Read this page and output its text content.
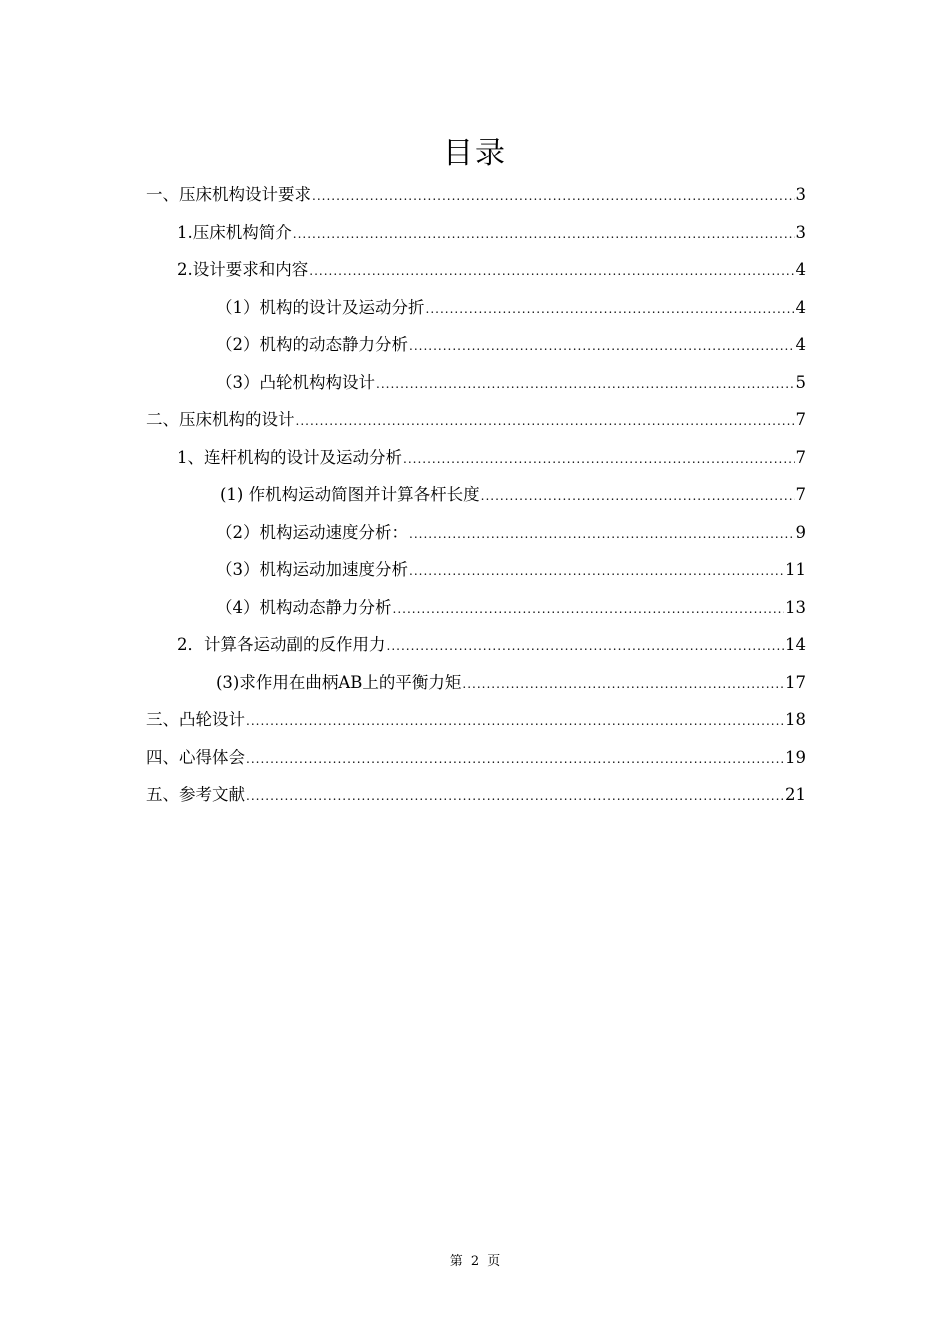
目录
一、压床机构设计要求 .....	3
1.压床机构简介 .....	3
2.设计要求和内容 .....	4
（1）机构的设计及运动分折 .....	4
（2）机构的动态静力分析 .....	4
（3）凸轮机构构设计 .....	5
二、压床机构的设计 .....	7
1、连杆机构的设计及运动分析 .....	7
(1) 作机构运动简图并计算各杆长度 .....	7
（2）机构运动速度分析： .....	9
（3）机构运动加速度分析 .....	11
（4）机构动态静力分析 .....	13
2．计算各运动副的反作用力 .....	14
(3)求作用在曲柄AB上的平衡力矩 .....	17
三、凸轮设计 .....	18
四、心得体会 .....	19
五、参考文献 .....	21
第 2 页
